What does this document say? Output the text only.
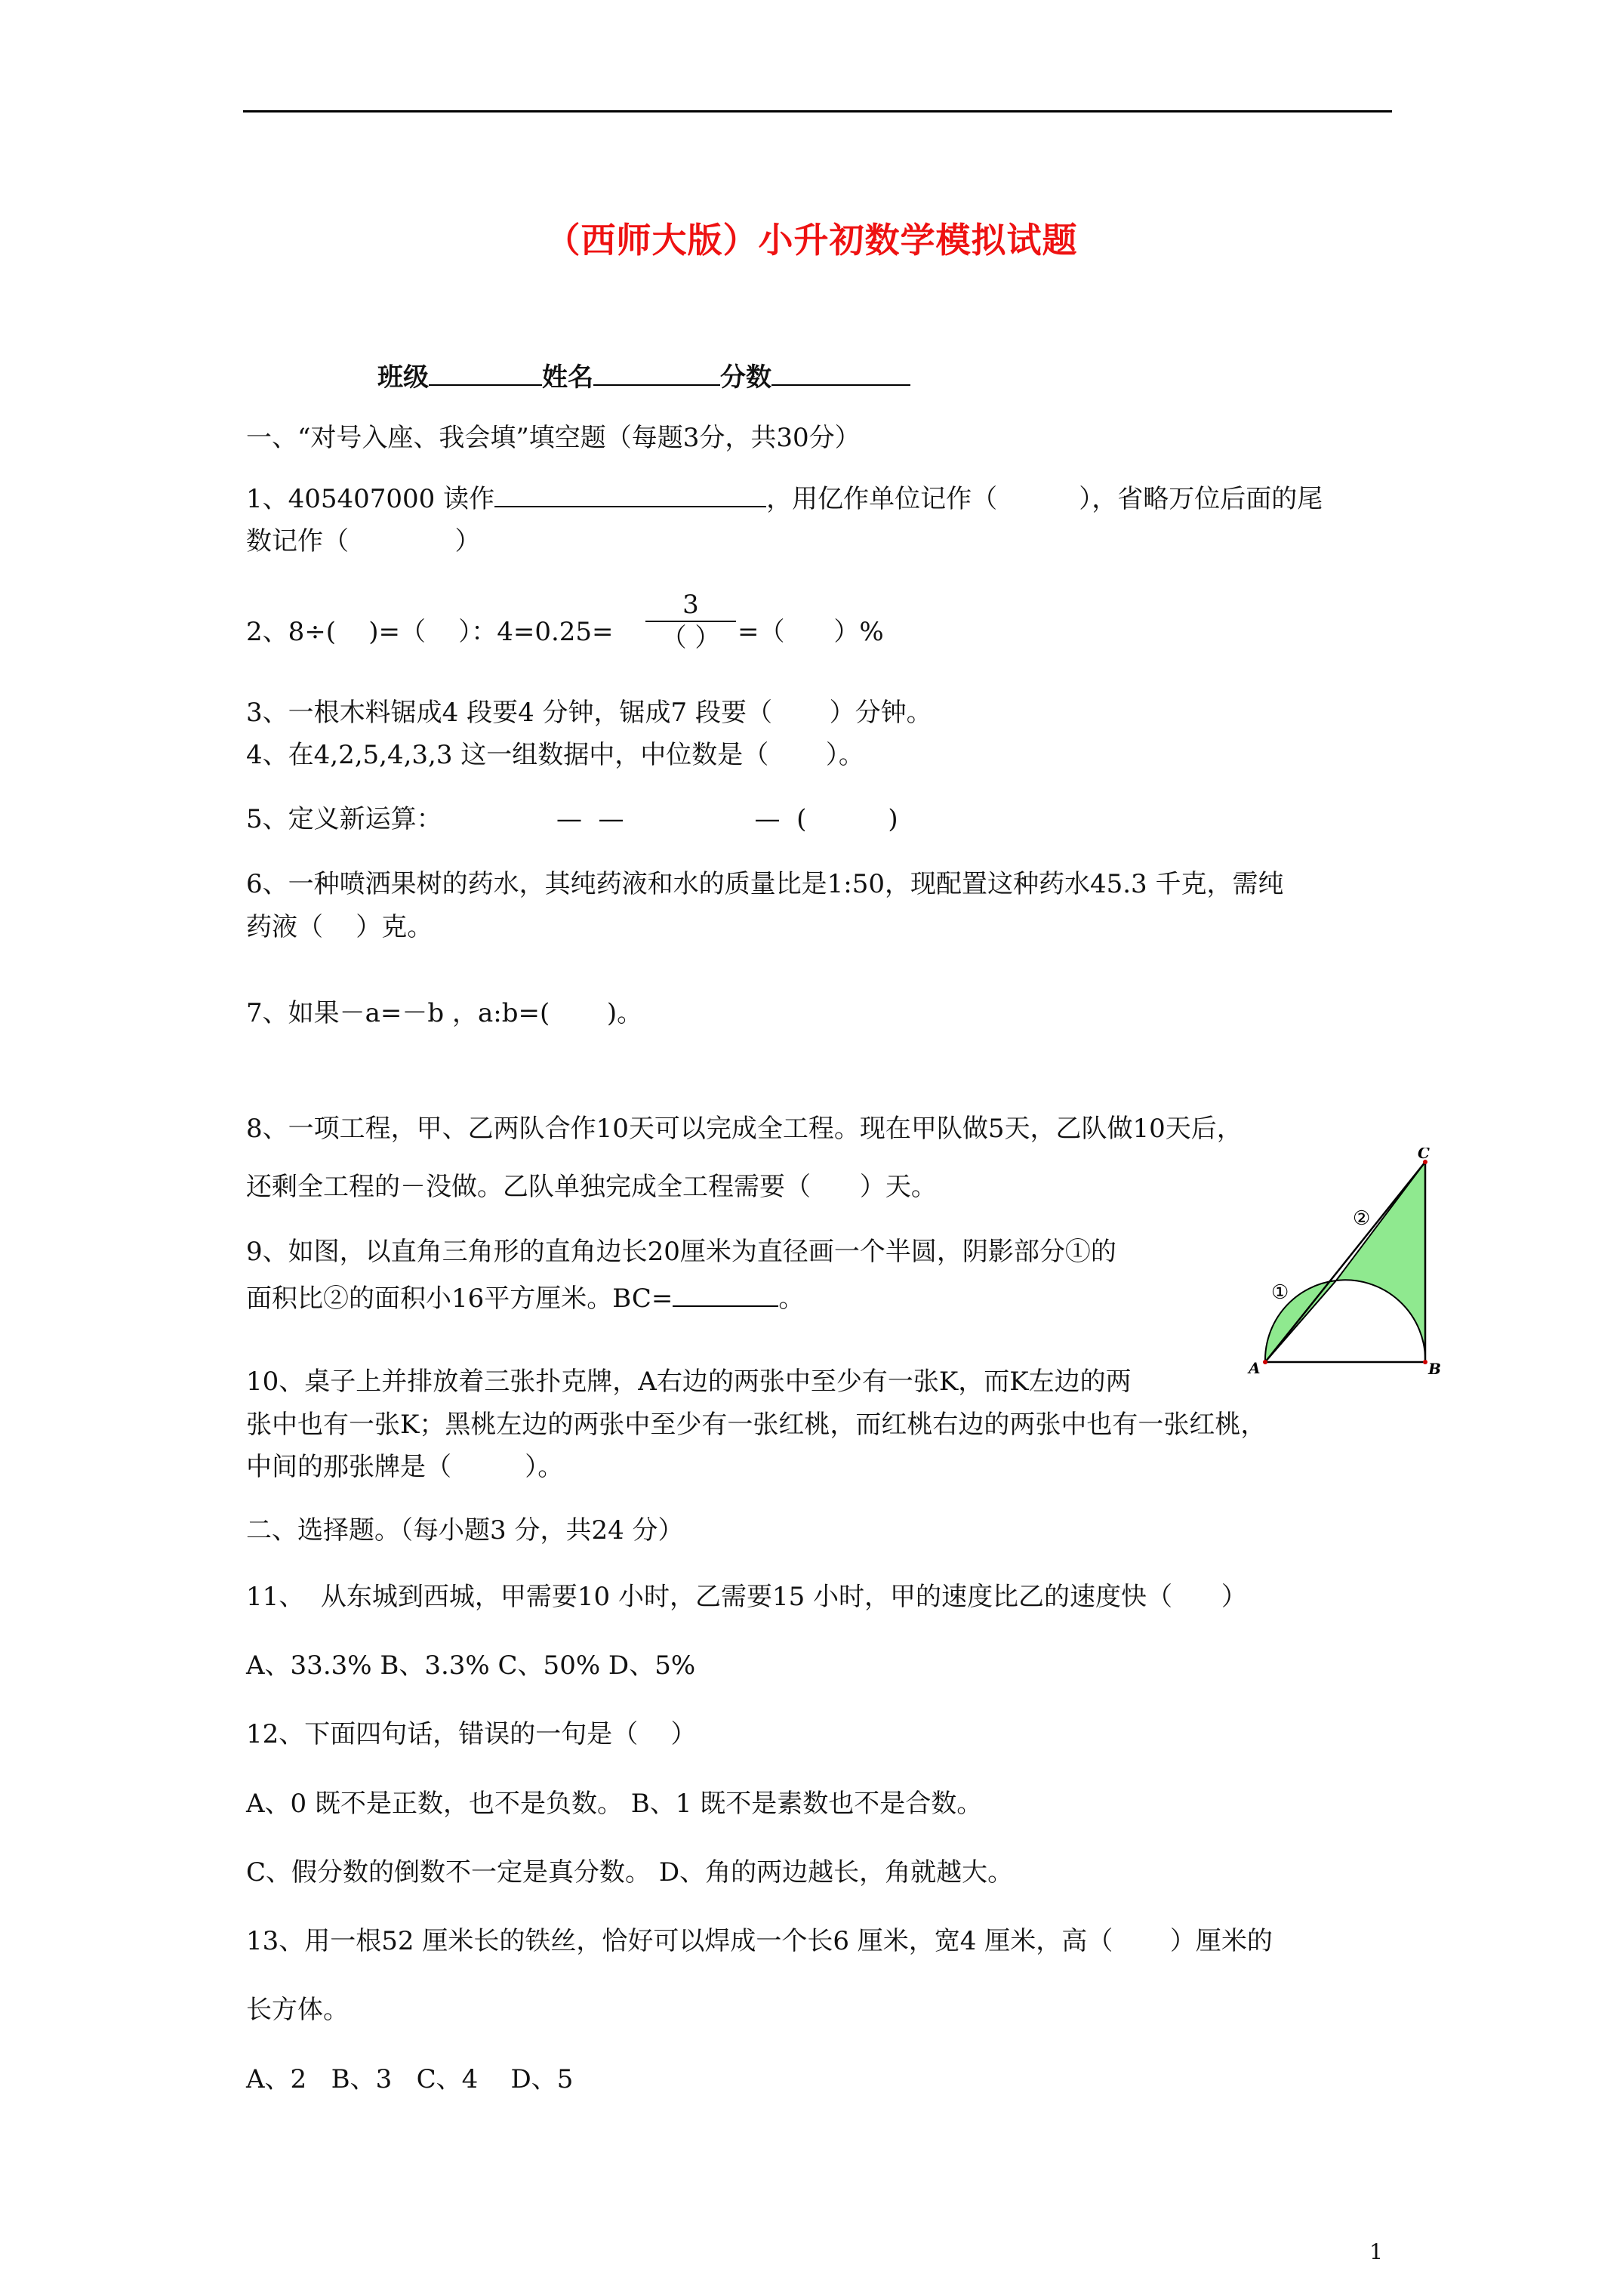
（西师大版）小升初数学模拟试题
班级	姓名	分数
一、“对号入座、我会填”填空题（每题3分，共30分）
1、405407000 读作	，用亿作单位记作（          ），省略万位后面的尾
数记作（             ）
2、8÷(    )=（    ）：4=0.25=
3
（ ） =（      ）%
3、一根木料锯成4 段要4 分钟，锯成7 段要（       ）分钟。
4、在4,2,5,4,3,3 这一组数据中，中位数是（       ）。
5、定义新运算：              —  —                —  (          )
6、一种喷洒果树的药水，其纯药液和水的质量比是1:50，现配置这种药水45.3 千克，需纯
药液（    ）克。
7、如果－a=－b ，a:b=(       )。
8、一项工程，甲、乙两队合作10天可以完成全工程。现在甲队做5天，乙队做10天后，
还剩全工程的－没做。乙队单独完成全工程需要（      ）天。
9、如图，以直角三角形的直角边长20厘米为直径画一个半圆，阴影部分①的
面积比②的面积小16平方厘米。BC=	。
10、桌子上并排放着三张扑克牌，A右边的两张中至少有一张K，而K左边的两
张中也有一张K；黑桃左边的两张中至少有一张红桃，而红桃右边的两张中也有一张红桃，
中间的那张牌是（         ）。
A	B
C
①
②
二、选择题。（每小题3 分，共24 分）
11、  从东城到西城，甲需要10 小时，乙需要15 小时，甲的速度比乙的速度快（      ）
A、33.3% B、3.3% C、50% D、5%
12、下面四句话，错误的一句是（    ）
A、0 既不是正数，也不是负数。 B、1 既不是素数也不是合数。
C、假分数的倒数不一定是真分数。 D、角的两边越长，角就越大。
13、用一根52 厘米长的铁丝，恰好可以焊成一个长6 厘米，宽4 厘米，高（       ）厘米的
长方体。
A、2   B、3   C、4    D、5
1
